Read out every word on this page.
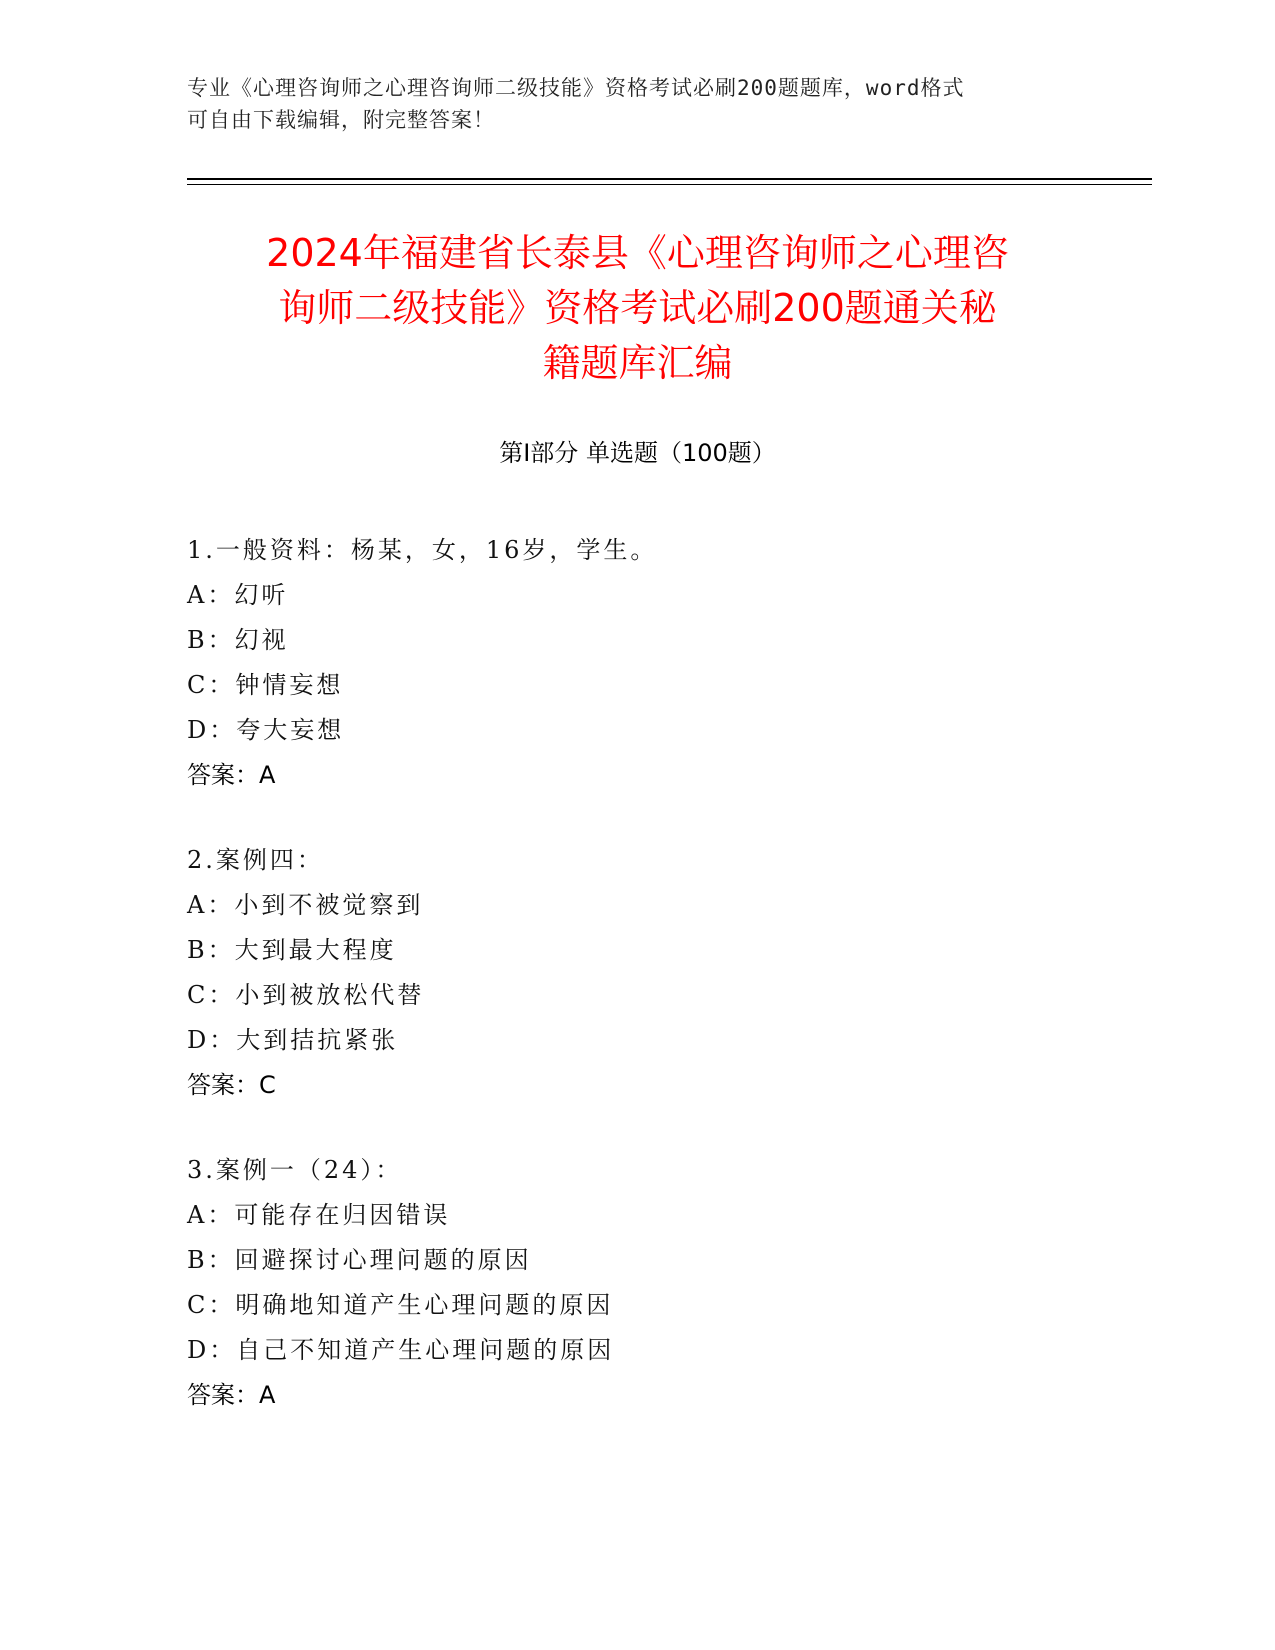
专业《心理咨询师之心理咨询师二级技能》资格考试必刷200题题库，word格式
可自由下载编辑，附完整答案！
2024年福建省长泰县《心理咨询师之心理咨
询师二级技能》资格考试必刷200题通关秘
籍题库汇编
第Ⅰ部分 单选题（100题）
1.一般资料：杨某，女，16岁，学生。
A：幻听
B：幻视
C：钟情妄想
D：夸大妄想
答案：A
2.案例四：
A：小到不被觉察到
B：大到最大程度
C：小到被放松代替
D：大到拮抗紧张
答案：C
3.案例一（24）：
A：可能存在归因错误
B：回避探讨心理问题的原因
C：明确地知道产生心理问题的原因
D：自己不知道产生心理问题的原因
答案：A
